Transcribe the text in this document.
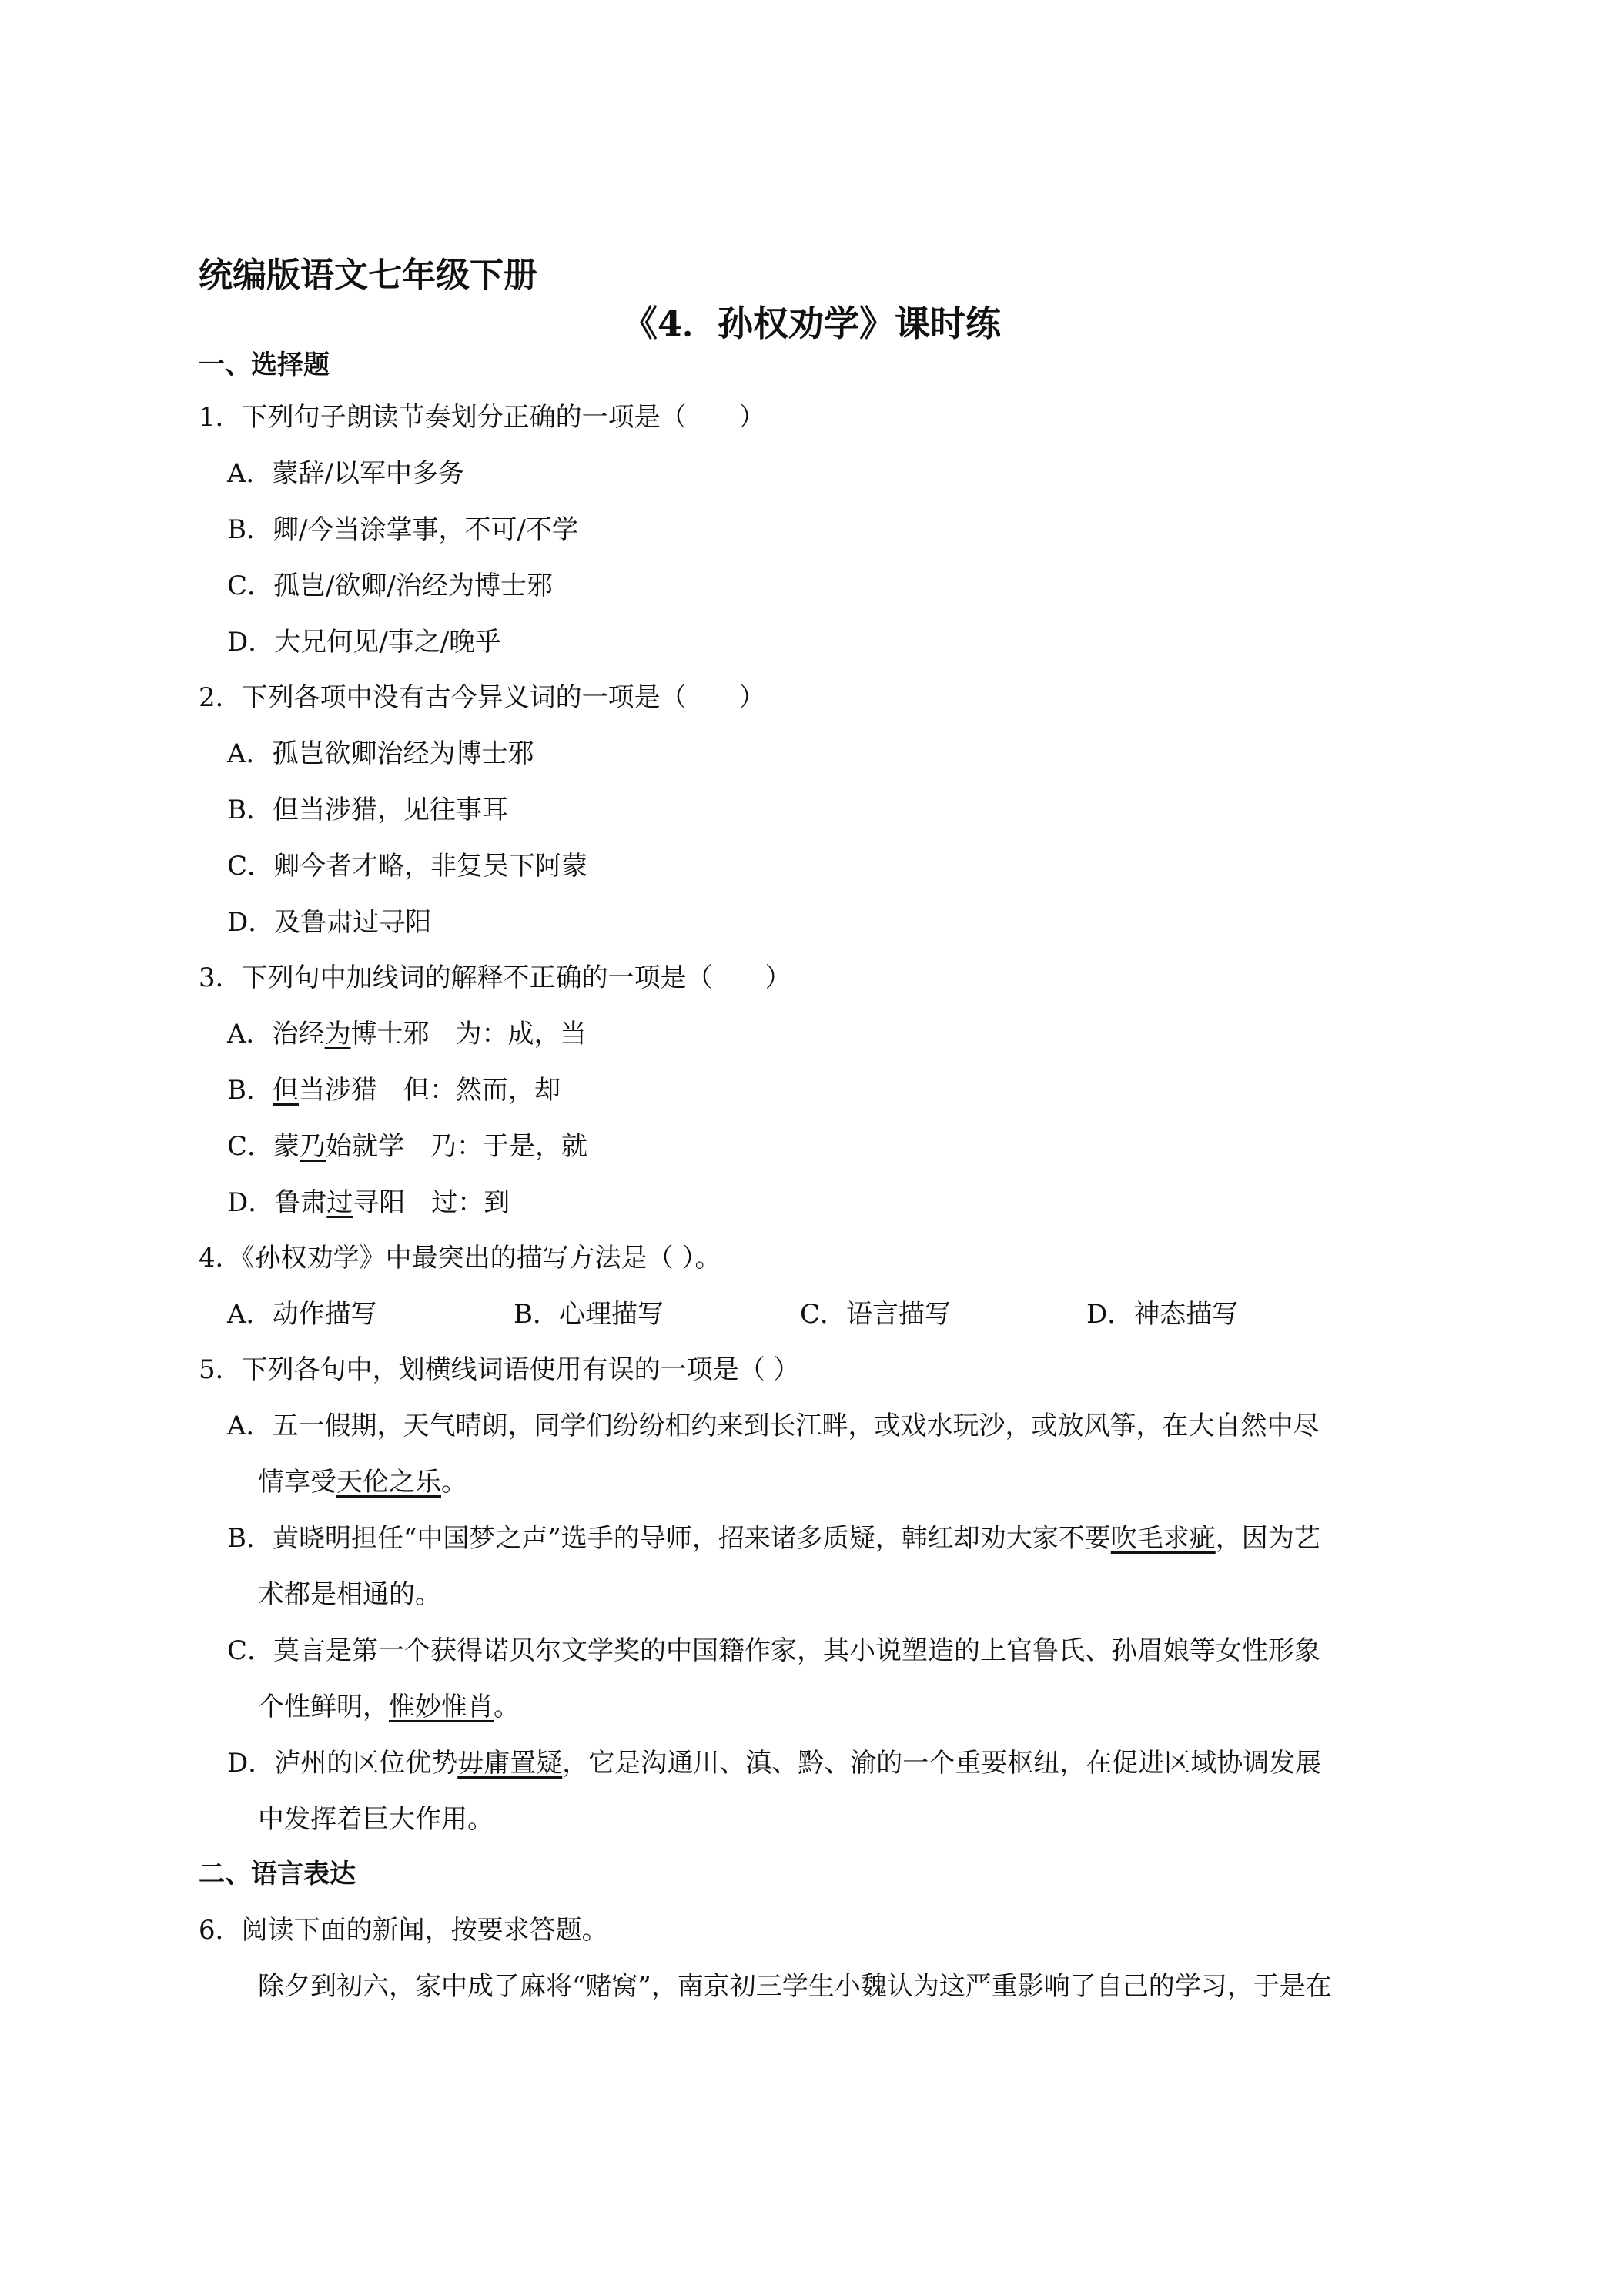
统编版语文七年级下册
《4．孙权劝学》课时练
一、选择题
1．下列句子朗读节奏划分正确的一项是（　　）
A．蒙辞/以军中多务
B．卿/今当涂掌事，不可/不学
C．孤岂/欲卿/治经为博士邪
D．大兄何见/事之/晚乎
2．下列各项中没有古今异义词的一项是（　　）
A．孤岂欲卿治经为博士邪
B．但当涉猎，见往事耳
C．卿今者才略，非复吴下阿蒙
D．及鲁肃过寻阳
3．下列句中加线词的解释不正确的一项是（　　）
A．治经为博士邪　为：成，当
B．但当涉猎　但：然而，却
C．蒙乃始就学　乃：于是，就
D．鲁肃过寻阳　过：到
4．《孙权劝学》中最突出的描写方法是（ ）。
A．动作描写	B．心理描写	C．语言描写	D．神态描写
5．下列各句中，划横线词语使用有误的一项是（ ）
A．五一假期，天气晴朗，同学们纷纷相约来到长江畔，或戏水玩沙，或放风筝，在大自然中尽
情享受天伦之乐。
B．黄晓明担任“中国梦之声”选手的导师，招来诸多质疑，韩红却劝大家不要吹毛求疵，因为艺
术都是相通的。
C．莫言是第一个获得诺贝尔文学奖的中国籍作家，其小说塑造的上官鲁氏、孙眉娘等女性形象
个性鲜明，惟妙惟肖。
D．泸州的区位优势毋庸置疑，它是沟通川、滇、黔、渝的一个重要枢纽，在促进区域协调发展
中发挥着巨大作用。
二、语言表达
6．阅读下面的新闻，按要求答题。
除夕到初六，家中成了麻将“赌窝”，南京初三学生小魏认为这严重影响了自己的学习，于是在
